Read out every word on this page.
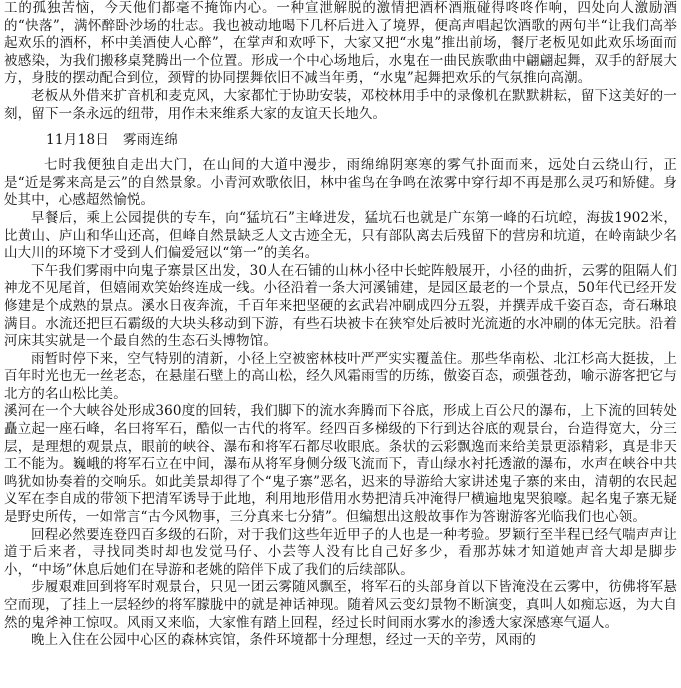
工的孤独苦恼，今天他们都毫不掩饰内心。一种宣泄解脱的激情把酒杯酒瓶碰得咚咚作响，四处向人激励酒的“快落”，满怀醉卧沙场的壮志。我也被动地喝下几杯后进入了境界，便高声唱起饮酒歌的两句半“让我们高举起欢乐的酒杯，杯中美酒使人心醉”，在掌声和欢呼下，大家又把“水鬼”推出前场，餐厅老板见如此欢乐场面而被感染，为我们搬移桌凳腾出一个位置。形成一个中心场地后，水鬼在一曲民族歌曲中翩翩起舞，双手的舒展大方，身肢的摆动配合到位，颈臂的协同摆舞依旧不减当年勇，“水鬼”起舞把欢乐的气氛推向高潮。

老板从外借来扩音机和麦克风，大家都忙于协助安装，邓校林用手中的录像机在默默耕耘，留下这美好的一刻，留下一条永远的纽带，用作未来维系大家的友谊天长地久。

11月18日　雾雨连绵

七时我便独自走出大门，在山间的大道中漫步，雨绵绵阴寒寒的雾气扑面而来，远处白云绕山行，正是“近是雾来高是云”的自然景象。小青河欢歌依旧，林中雀鸟在争鸣在浓雾中穿行却不再是那么灵巧和矫健。身处其中，心感超然愉悦。

早餐后，乘上公园提供的专车，向“猛坑石”主峰进发，猛坑石也就是广东第一峰的石坑崆，海拔1902米，比黄山、庐山和华山还高，但峰自然景缺乏人文古迹全无，只有部队离去后残留下的营房和坑道，在岭南缺少名山大川的环境下才受到人们偏爱冠以“第一”的美名。

下午我们雾雨中向鬼子寨景区出发，30人在石铺的山林小径中长蛇阵般展开，小径的曲折，云雾的阻隔人们神龙不见尾首，但嬉闹欢笑始终连成一线。小径沿着一条大河溪铺建，是园区最老的一个景点，50年代已经开发修建是个成熟的景点。溪水日夜奔流，千百年来把坚硬的玄武岩冲刷成四分五裂，并撰弄成千姿百态，奇石琳琅满目。水流还把巨石霸级的大块头移动到下游，有些石块被卡在狭窄处后被时光流逝的水冲刷的体无完肤。沿着河床其实就是一个最自然的生态石头博物馆。

雨暂时停下来，空气特别的清新，小径上空被密林枝叶严严实实覆盖住。那些华南松、北江杉高大挺拔，上百年时光也无一丝老态，在悬崖石壁上的高山松，经久风霜雨雪的历练，傲姿百态，顽强苍劲，喻示游客把它与北方的名山松比美。

溪河在一个大峡谷处形成360度的回转，我们脚下的流水奔腾而下谷底，形成上百公尺的瀑布，上下流的回转处矗立起一座石峰，名曰将军石，酷似一古代的将军。经四百多梯级的下行到达谷底的观景台，台造得宽大，分三层，是理想的观景点，眼前的峡谷、瀑布和将军石都尽收眼底。条状的云彩飘逸而来给美景更添精彩，真是非天工不能为。巍峨的将军石立在中间，瀑布从将军身侧分级飞流而下，青山绿水衬托透澈的瀑布，水声在峡谷中共鸣犹如协奏着的交响乐。如此美景却得了个“鬼子寨”恶名，迟来的导游给大家讲述鬼子寨的来由，清朝的农民起义军在李自成的带领下把清军诱导于此地，利用地形借用水势把清兵冲淹得尸横遍地鬼哭狼嚎。起名鬼子寨无疑是野史所传，一如常言“古今风物事，三分真来七分猜”。但编想出这般故事作为答谢游客光临我们也心领。

回程必然要连登四百多级的石阶，对于我们这些年近甲子的人也是一种考验。罗颖行至半程已经气喘声声让道于后来者，寻找同类时却也发觉马仔、小芸等人没有比自己好多少，看那苏妹才知道她声音大却是脚步小，“中场”休息后她们在导游和老姚的陪伴下成了我们的后续部队。

步履艰难回到将军时观景台，只见一团云雾随风飘至，将军石的头部身首以下皆淹没在云雾中，彷佛将军悬空而现，了挂上一层轻纱的将军朦胧中的就是神话神现。随着风云变幻景物不断演变，真叫人如痴忘返，为大自然的鬼斧神工惊叹。风雨又来临，大家惟有踏上回程，经过长时间雨水雾水的渗透大家深感寒气逼人。

晚上入住在公园中心区的森林宾馆，条件环境都十分理想，经过一天的辛劳，风雨的
